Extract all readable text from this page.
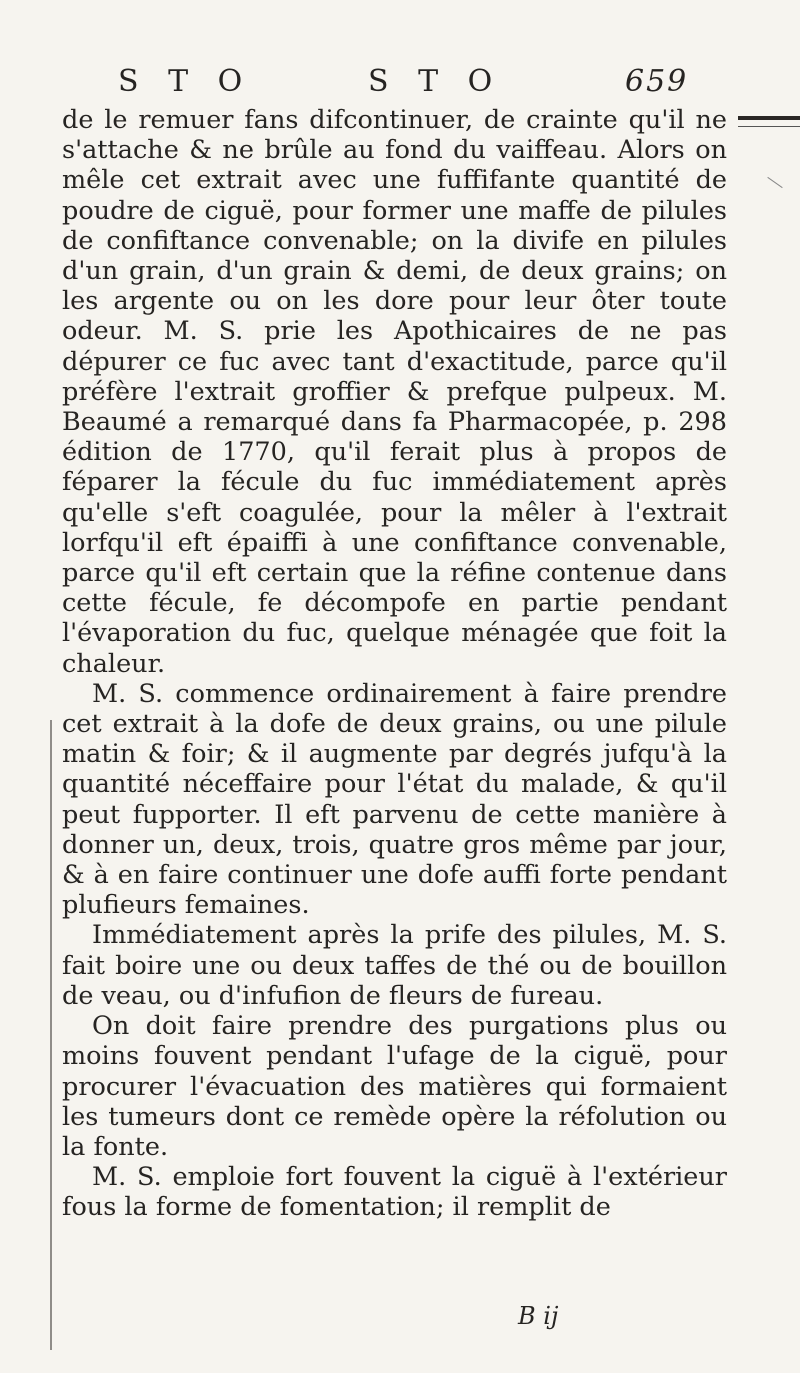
S T O	S T O	659

de le remuer fans difcontinuer, de crainte qu'il ne s'attache & ne brûle au fond du vaiffeau. Alors on mêle cet extrait avec une fuffifante quantité de poudre de ciguë, pour former une maffe de pilules de confiftance convenable; on la divife en pilules d'un grain, d'un grain & demi, de deux grains; on les argente ou on les dore pour leur ôter toute odeur. M. S. prie les Apothicaires de ne pas dépurer ce fuc avec tant d'exactitude, parce qu'il préfère l'extrait groffier & prefque pulpeux. M. Beaumé a remarqué dans fa Pharmacopée, p. 298 édition de 1770, qu'il ferait plus à propos de féparer la fécule du fuc immédiatement après qu'elle s'eft coagulée, pour la mêler à l'extrait lorfqu'il eft épaiffi à une confiftance convenable, parce qu'il eft certain que la réfine contenue dans cette fécule, fe décompofe en partie pendant l'évaporation du fuc, quelque ménagée que foit la chaleur.

M. S. commence ordinairement à faire prendre cet extrait à la dofe de deux grains, ou une pilule matin & foir; & il augmente par degrés jufqu'à la quantité néceffaire pour l'état du malade, & qu'il peut fupporter. Il eft parvenu de cette manière à donner un, deux, trois, quatre gros même par jour, & à en faire continuer une dofe auffi forte pendant plufieurs femaines.

Immédiatement après la prife des pilules, M. S. fait boire une ou deux taffes de thé ou de bouillon de veau, ou d'infufion de fleurs de fureau.

On doit faire prendre des purgations plus ou moins fouvent pendant l'ufage de la ciguë, pour procurer l'évacuation des matières qui formaient les tumeurs dont ce remède opère la réfolution ou la fonte.

M. S. emploie fort fouvent la ciguë à l'extérieur fous la forme de fomentation; il remplit de

B ij
